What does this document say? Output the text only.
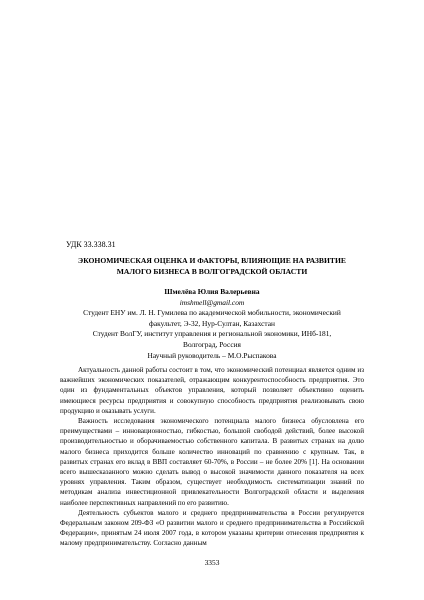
УДК 33.338.31
ЭКОНОМИЧЕСКАЯ ОЦЕНКА И ФАКТОРЫ, ВЛИЯЮЩИЕ НА РАЗВИТИЕ МАЛОГО БИЗНЕСА В ВОЛГОГРАДСКОЙ ОБЛАСТИ
Шмелёва Юлия Валерьевна
imshmell@gmail.com
Студент ЕНУ им. Л. Н. Гумилева по академической мобильности, экономический факультет, Э-32, Нур-Султан, Казахстан
Студент ВолГУ, институт управления и региональной экономики, ИНб-181, Волгоград, Россия
Научный руководитель – М.О.Рыспакова

Актуальность данной работы состоит в том, что экономический потенциал является одним из важнейших экономических показателей, отражающим конкурентоспособность предприятия. Это один из фундаментальных объектов управления, который позволяет объективно оценить имеющиеся ресурсы предприятия и совокупную способность предприятия реализовывать свою продукцию и оказывать услуги.

Важность исследования экономического потенциала малого бизнеса обусловлена его преимуществами – инновационностью, гибкостью, большой свободой действий, более высокой производительностью и оборачиваемостью собственного капитала. В развитых странах на долю малого бизнеса приходится больше количество инноваций по сравнению с крупным. Так, в развитых странах его вклад в ВВП составляет 60-70%, в России – не более 20% [1]. На основании всего вышесказанного можно сделать вывод о высокой значимости данного показателя на всех уровнях управления. Таким образом, существует необходимость систематизации знаний по методикам анализа инвестиционной привлекательности Волгоградской области и выделения наиболее перспективных направлений по его развитию.

Деятельность субъектов малого и среднего предпринимательства в России регулируется Федеральным законом 209-ФЗ «О развитии малого и среднего предпринимательства в Российской Федерации», принятым 24 июля 2007 года, в котором указаны критерии отнесения предприятия к малому предпринимательству. Согласно данным

3353
